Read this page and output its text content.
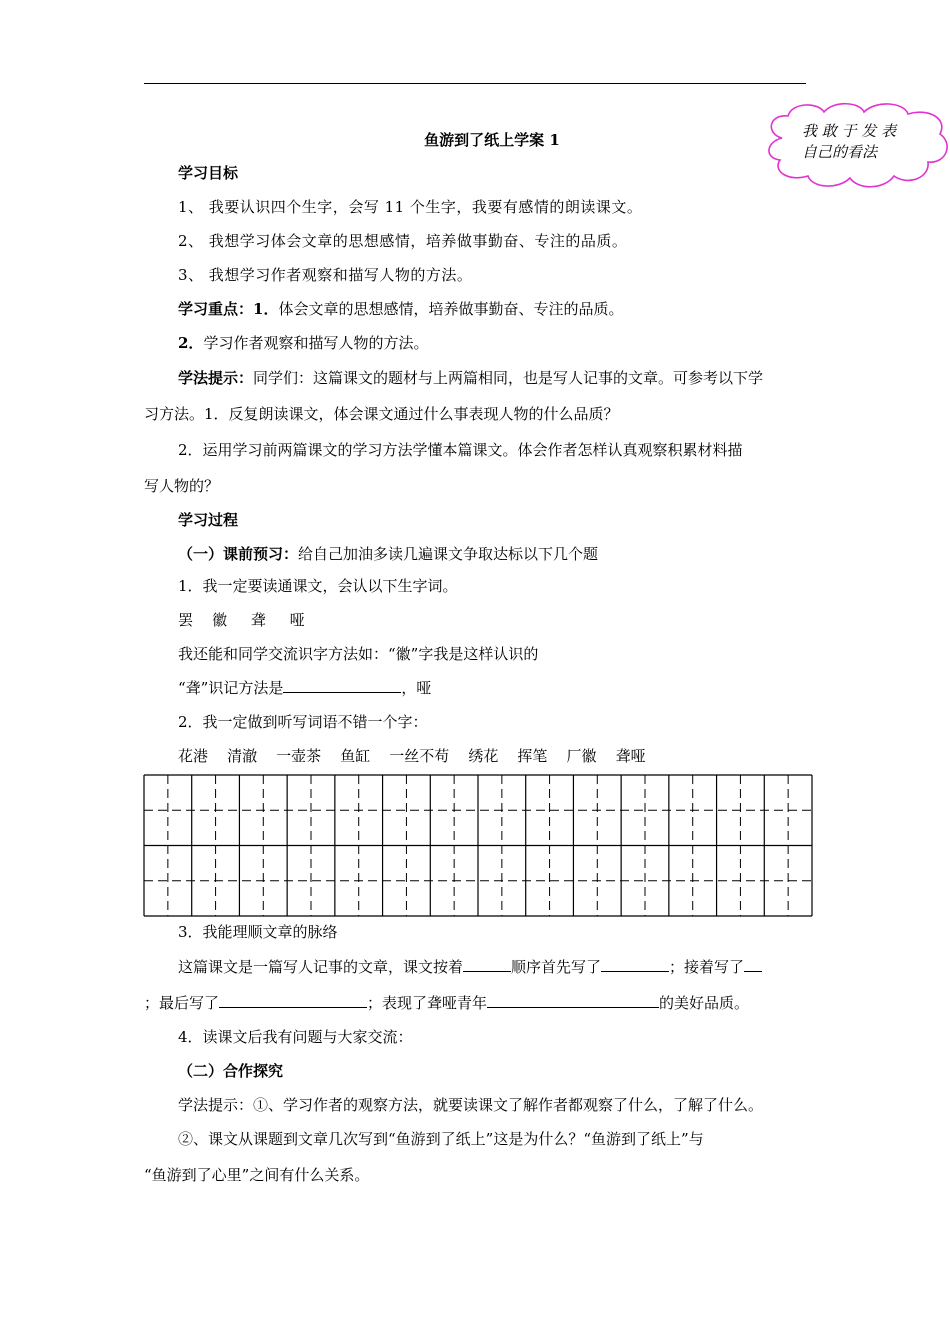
我 敢 于 发 表
自己的看法
鱼游到了纸上学案 1
学习目标
1、 我要认识四个生字，会写 11 个生字，我要有感情的朗读课文。
2、 我想学习体会文章的思想感情，培养做事勤奋、专注的品质。
3、 我想学习作者观察和描写人物的方法。
学习重点：1．体会文章的思想感情，培养做事勤奋、专注的品质。
2．学习作者观察和描写人物的方法。
学法提示：同学们：这篇课文的题材与上两篇相同，也是写人记事的文章。可参考以下学
习方法。1．反复朗读课文，体会课文通过什么事表现人物的什么品质？
2．运用学习前两篇课文的学习方法学懂本篇课文。体会作者怎样认真观察积累材料描
写人物的？
学习过程
（一）课前预习：给自己加油多读几遍课文争取达标以下几个题
1．我一定要读通课文，会认以下生字词。
罢    徽     聋     哑
我还能和同学交流识字方法如：“徽”字我是这样认识的
“聋”识记方法是	，哑
2．我一定做到听写词语不错一个字：
花港    清澈    一壶茶    鱼缸    一丝不苟    绣花    挥笔    厂徽    聋哑
3．我能理顺文章的脉络
这篇课文是一篇写人记事的文章，课文按着	顺序首先写了	；接着写了
；最后写了	；表现了聋哑青年	的美好品质。
4．读课文后我有问题与大家交流：
（二）合作探究
学法提示：①、学习作者的观察方法，就要读课文了解作者都观察了什么，了解了什么。
②、课文从课题到文章几次写到“鱼游到了纸上”这是为什么？“鱼游到了纸上”与
“鱼游到了心里”之间有什么关系。
